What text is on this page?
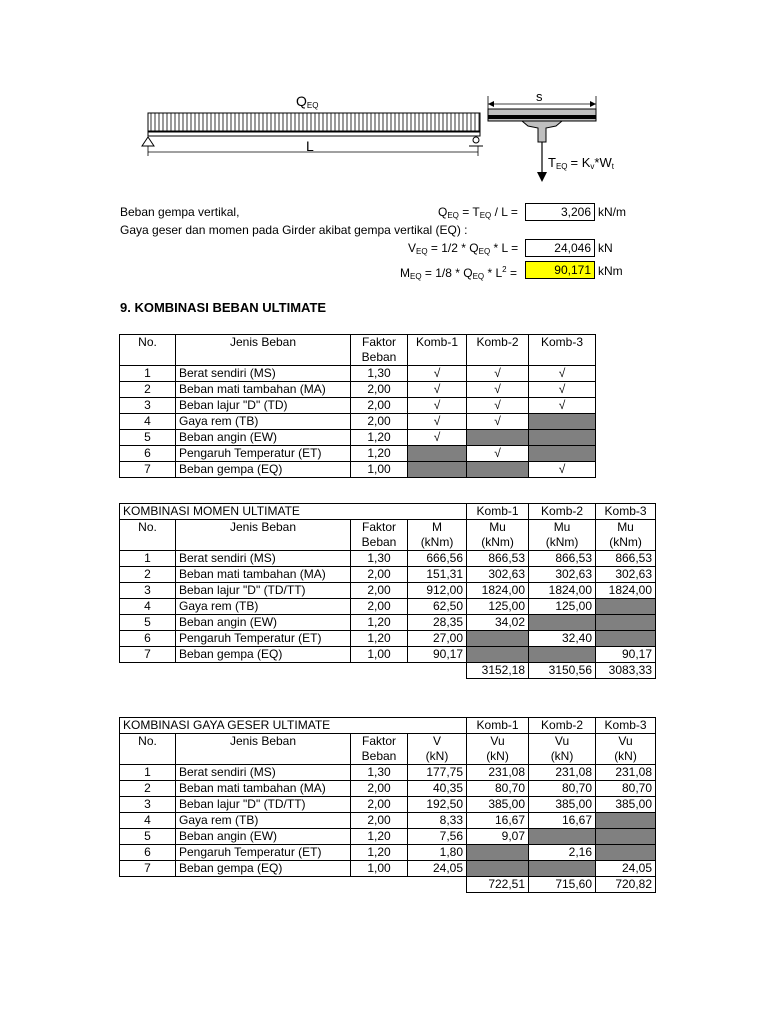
QEQ
L
s
TEQ = Kv*Wt
Beban gempa vertikal,
Gaya geser dan momen pada Girder akibat gempa vertikal (EQ) :
$Q_{EQ} = T_{EQ} / L$ =	3,206 kN/m
$V_{EQ} = 1/2 * Q_{EQ} * L$ =	24,046 kN
$M_{EQ} = 1/8 * Q_{EQ} * L^2$ =	90,171 kNm
9. KOMBINASI BEBAN ULTIMATE
No.	Jenis Beban	Faktor	Komb-1	Komb-2	Komb-3
		Beban			
1	Berat sendiri (MS)	1,30	√	√	√
2	Beban mati tambahan (MA)	2,00	√	√	√
3	Beban lajur "D" (TD)	2,00	√	√	√
4	Gaya rem (TB)	2,00	√	√	
5	Beban angin (EW)	1,20	√		
6	Pengaruh Temperatur (ET)	1,20		√	
7	Beban gempa (EQ)	1,00			√
KOMBINASI MOMEN ULTIMATE				Komb-1	Komb-2	Komb-3
No.	Jenis Beban	Faktor	M	Mu	Mu	Mu
		Beban	(kNm)	(kNm)	(kNm)	(kNm)
1	Berat sendiri (MS)	1,30	666,56	866,53	866,53	866,53
2	Beban mati tambahan (MA)	2,00	151,31	302,63	302,63	302,63
3	Beban lajur "D" (TD/TT)	2,00	912,00	1824,00	1824,00	1824,00
4	Gaya rem (TB)	2,00	62,50	125,00	125,00	
5	Beban angin (EW)	1,20	28,35	34,02		
6	Pengaruh Temperatur (ET)	1,20	27,00		32,40	
7	Beban gempa (EQ)	1,00	90,17			90,17
				3152,18	3150,56	3083,33
KOMBINASI GAYA GESER ULTIMATE				Komb-1	Komb-2	Komb-3
No.	Jenis Beban	Faktor	V	Vu	Vu	Vu
		Beban	(kN)	(kN)	(kN)	(kN)
1	Berat sendiri (MS)	1,30	177,75	231,08	231,08	231,08
2	Beban mati tambahan (MA)	2,00	40,35	80,70	80,70	80,70
3	Beban lajur "D" (TD/TT)	2,00	192,50	385,00	385,00	385,00
4	Gaya rem (TB)	2,00	8,33	16,67	16,67	
5	Beban angin (EW)	1,20	7,56	9,07		
6	Pengaruh Temperatur (ET)	1,20	1,80		2,16	
7	Beban gempa (EQ)	1,00	24,05			24,05
				722,51	715,60	720,82
